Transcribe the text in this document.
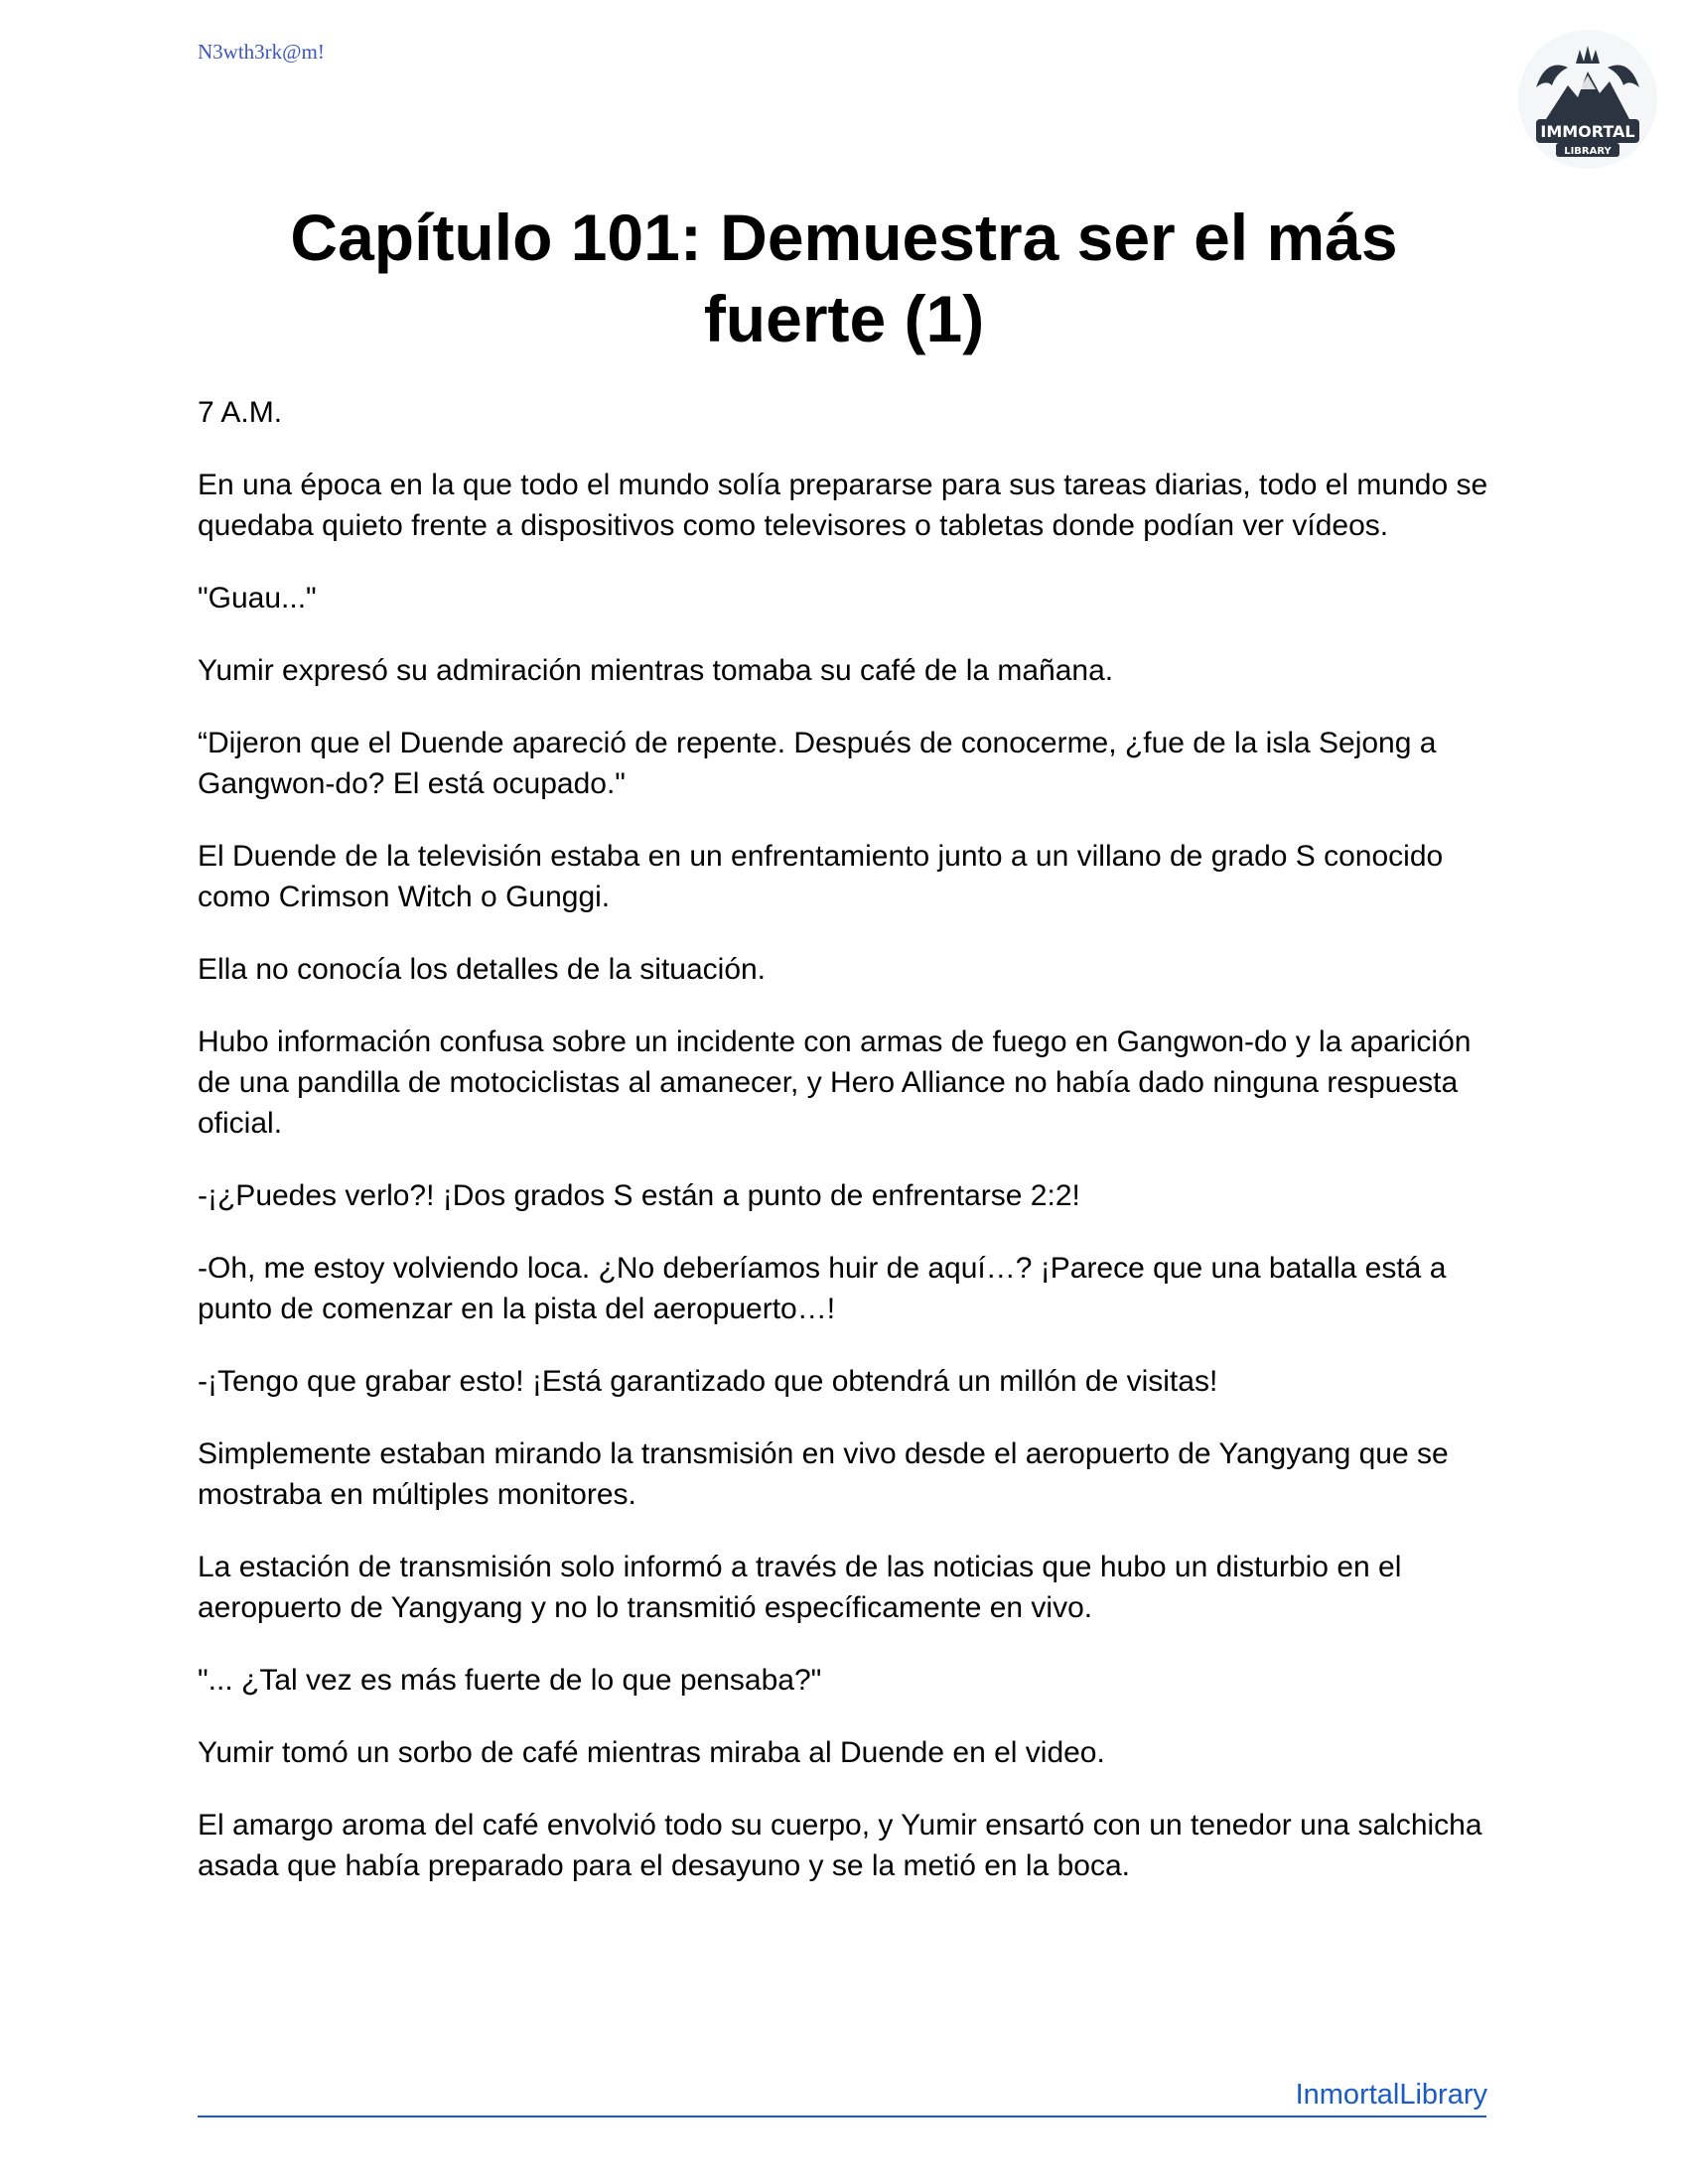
N3wth3rk@m!
IMMORTAL
LIBRARY
Capítulo 101: Demuestra ser el más fuerte (1)

7 A.M.

En una época en la que todo el mundo solía prepararse para sus tareas diarias, todo el mundo se quedaba quieto frente a dispositivos como televisores o tabletas donde podían ver vídeos.

"Guau..."

Yumir expresó su admiración mientras tomaba su café de la mañana.

“Dijeron que el Duende apareció de repente. Después de conocerme, ¿fue de la isla Sejong a Gangwon-do? El está ocupado."

El Duende de la televisión estaba en un enfrentamiento junto a un villano de grado S conocido como Crimson Witch o Gunggi.

Ella no conocía los detalles de la situación.

Hubo información confusa sobre un incidente con armas de fuego en Gangwon-do y la aparición de una pandilla de motociclistas al amanecer, y Hero Alliance no había dado ninguna respuesta oficial.

-¡¿Puedes verlo?! ¡Dos grados S están a punto de enfrentarse 2:2!

-Oh, me estoy volviendo loca. ¿No deberíamos huir de aquí…? ¡Parece que una batalla está a punto de comenzar en la pista del aeropuerto…!

-¡Tengo que grabar esto! ¡Está garantizado que obtendrá un millón de visitas!

Simplemente estaban mirando la transmisión en vivo desde el aeropuerto de Yangyang que se mostraba en múltiples monitores.

La estación de transmisión solo informó a través de las noticias que hubo un disturbio en el aeropuerto de Yangyang y no lo transmitió específicamente en vivo.

"... ¿Tal vez es más fuerte de lo que pensaba?"

Yumir tomó un sorbo de café mientras miraba al Duende en el video.

El amargo aroma del café envolvió todo su cuerpo, y Yumir ensartó con un tenedor una salchicha asada que había preparado para el desayuno y se la metió en la boca.

InmortalLibrary
